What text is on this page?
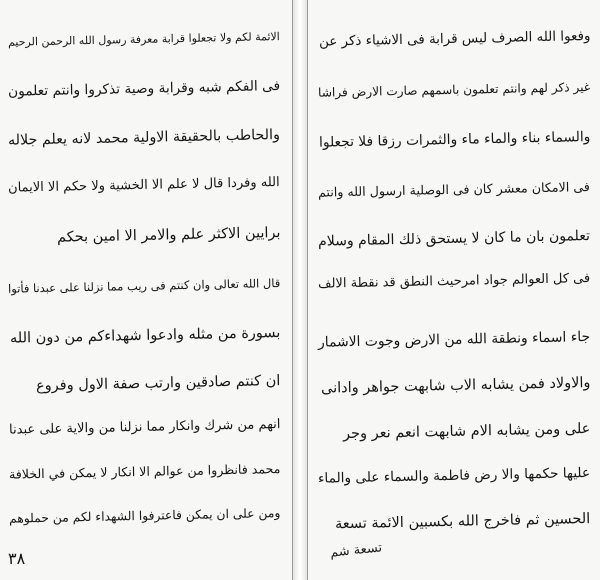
الائمة لكم ولا تجعلوا قرابة معرفة رسول الله الرحمن الرحيم
فى الفكم شبه وقرابة وصية تذكروا وانتم تعلمون
والحاطب بالحقيقة الاولية محمد لانه يعلم جلاله
الله وفردا قال لا علم الا الخشية ولا حكم الا الايمان
برايين الاكثر علم والامر الا امين بحكم
قال الله تعالى وان كنتم فى ريب مما نزلنا على عبدنا فأتوا
بسورة من مثله وادعوا شهداءكم من دون الله
ان كنتم صادقين وارتب صفة الاول وفروع
انهم من شرك وانكار مما نزلنا من والاية على عبدنا
محمد فانظروا من عوالم الا انكار لا يمكن في الخلافة
ومن على ان يمكن فاعترفوا الشهداء لكم من حملوهم
٣٨
وفعوا الله الصرف ليس قرابة فى الاشياء ذكر عن
غير ذكر لهم وانتم تعلمون باسمهم صارت الارض فراشا
والسماء بناء والماء ماء والثمرات رزقا فلا تجعلوا
فى الامكان معشر كان فى الوصلية ارسول الله وانتم
تعلمون بان ما كان لا يستحق ذلك المقام وسلام
فى كل العوالم جواد امرحيث النطق قد نقطة الالف
جاء اسماء ونطقة الله من الارض وجوت الاشمار
والاولاد فمن يشابه الاب شابهت جواهر وادانى
على ومن يشابه الام شابهت انعم نعر وجر
عليها حكمها والا رض فاطمة والسماء على والماء
الحسين ثم فاخرج الله بكسبين الائمة تسعة
تسعة شم
